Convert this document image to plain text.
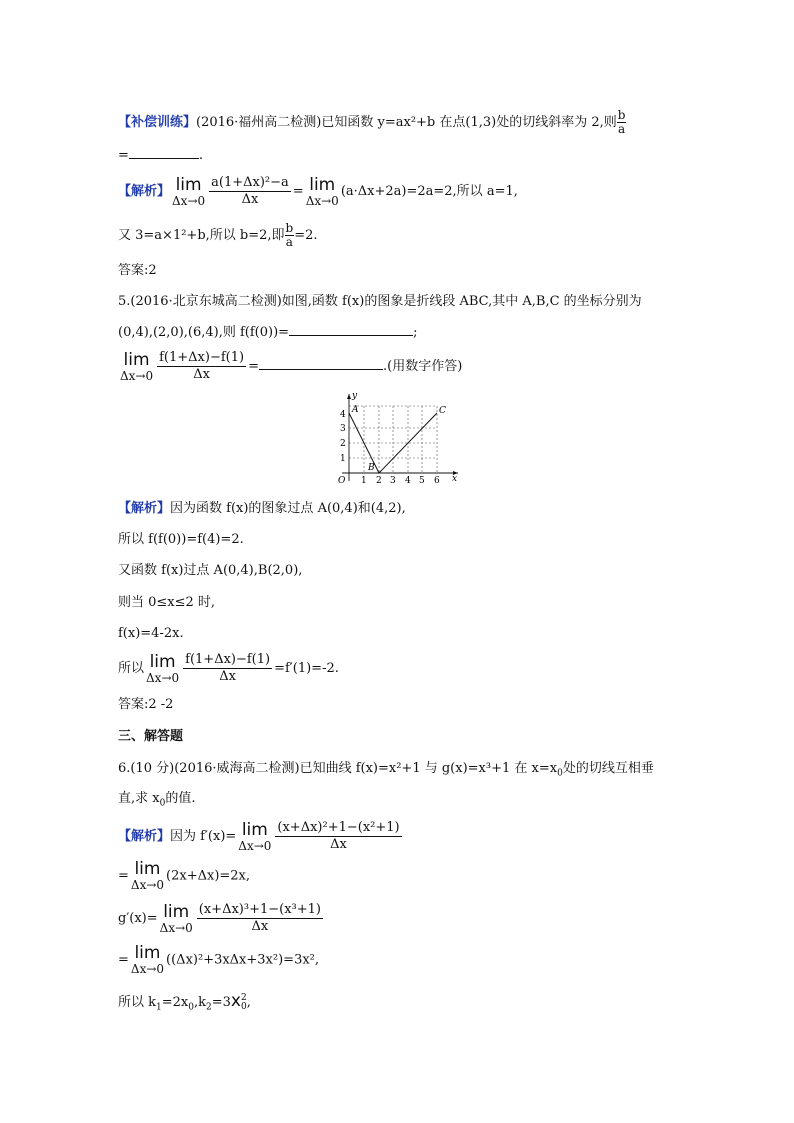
【补偿训练】(2016·福州高二检测)已知函数 y=ax²+b 在点(1,3)处的切线斜率为 2,则 $\frac{b}{a}$
=	.
【解析】 lim
$\Delta x\to 0 \frac{\text{a(1+Δx)²−a}}{\Delta x} = \lim$
Δx→0
(a·Δx+2a)=2a=2,所以 a=1,
又 3=a×1²+b,所以 b=2,即 $\frac{b}{a} =2$.
答案:2
5.(2016·北京东城高二检测)如图,函数 f(x)的图象是折线段 ABC,其中 A,B,C 的坐标分别为
(0,4),(2,0),(6,4),则 f(f(0))=	;
lim
$\Delta x\to 0 \frac{f(1+\Delta x)-f(1)}{\Delta x}$ =	.(用数字作答)
y
x
O 1 2 3 4 5 6
1
2
3
4 A
B
C
【解析】因为函数 f(x)的图象过点 A(0,4)和(4,2),
所以 f(f(0))=f(4)=2.
又函数 f(x)过点 A(0,4),B(2,0),
则当 0≤x≤2 时,
f(x)=4-2x.
所以 lim
$\Delta x\to 0 \frac{f(1+\Delta x)-f(1)}{\Delta x} =f'(1)=-2$.
答案:2 -2
三、解答题
6.(10 分)(2016·威海高二检测)已知曲线 f(x)=x²+1 与 g(x)=x³+1 在 $x=x_0$处的切线互相垂
直,求 $x_0$的值.
【解析】因为 f′(x)= lim
$\Delta x\to 0 \frac{\text{(x+Δx)²+1−(x²+1)}}{\Delta x}$
= lim
Δx→0
(2x+Δx)=2x,
g′(x)= lim
$\Delta x\to 0 \frac{\text{(x+Δx)³+1−(x³+1)}}{\Delta x}$
= lim
Δx→0
((Δx)²+3xΔx+3x²)=3x²,
所以 $k_1=2x_0,k_2=3x$ 2
0 ,
